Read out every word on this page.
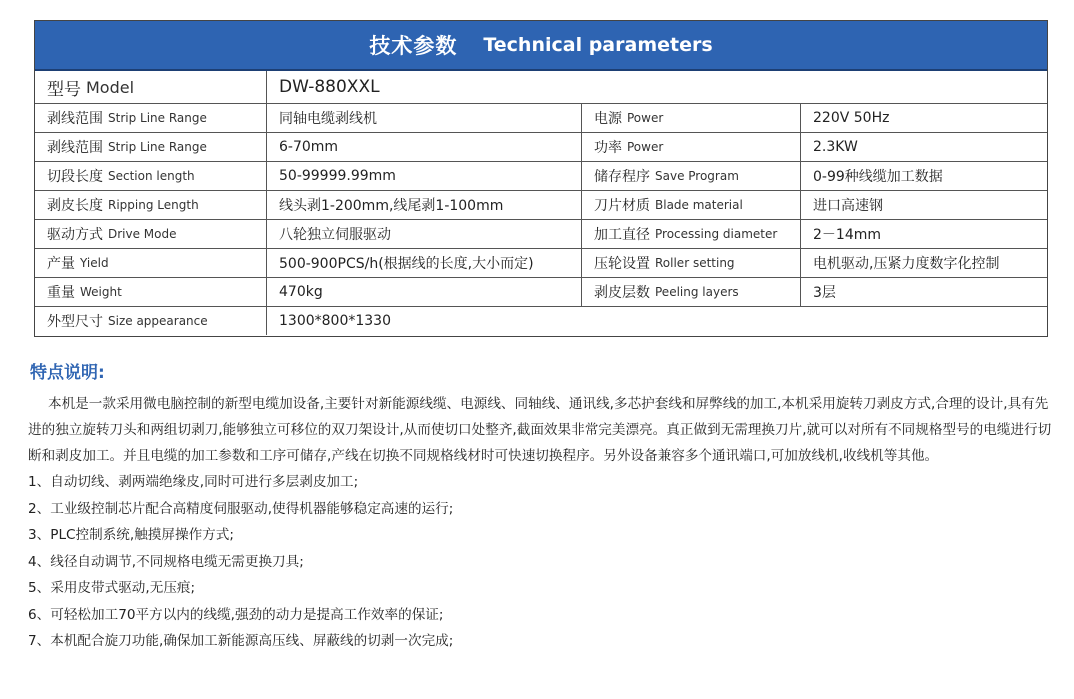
技术参数 Technical parameters
型号 Model	DW-880XXL
剥线范围 Strip Line Range	同轴电缆剥线机	电源 Power	220V 50Hz
剥线范围 Strip Line Range	6-70mm	功率 Power	2.3KW
切段长度 Section length	50-99999.99mm	储存程序 Save Program	0-99种线缆加工数据
剥皮长度 Ripping Length	线头剥1-200mm,线尾剥1-100mm	刀片材质 Blade material	进口高速钢
驱动方式 Drive Mode	八轮独立伺服驱动	加工直径 Processing diameter	2－14mm
产量 Yield	500-900PCS/h(根据线的长度,大小而定)	压轮设置 Roller setting	电机驱动,压紧力度数字化控制
重量 Weight	470kg	剥皮层数 Peeling layers	3层
外型尺寸 Size appearance	1300*800*1330
特点说明:

本机是一款采用微电脑控制的新型电缆加设备,主要针对新能源线缆、电源线、同轴线、通讯线,多芯护套线和屏弊线的加工,本机采用旋转刀剥皮方式,合理的设计,具有先进的独立旋转刀头和两组切剥刀,能够独立可移位的双刀架设计,从而使切口处整齐,截面效果非常完美漂亮。真正做到无需理换刀片,就可以对所有不同规格型号的电缆进行切断和剥皮加工。并且电缆的加工参数和工序可储存,产线在切换不同规格线材时可快速切换程序。另外设备兼容多个通讯端口,可加放线机,收线机等其他。

1、自动切线、剥两端绝缘皮,同时可进行多层剥皮加工;
2、工业级控制芯片配合高精度伺服驱动,使得机器能够稳定高速的运行;
3、PLC控制系统,触摸屏操作方式;
4、线径自动调节,不同规格电缆无需更换刀具;
5、采用皮带式驱动,无压痕;
6、可轻松加工70平方以内的线缆,强劲的动力是提高工作效率的保证;
7、本机配合旋刀功能,确保加工新能源高压线、屏蔽线的切剥一次完成;
